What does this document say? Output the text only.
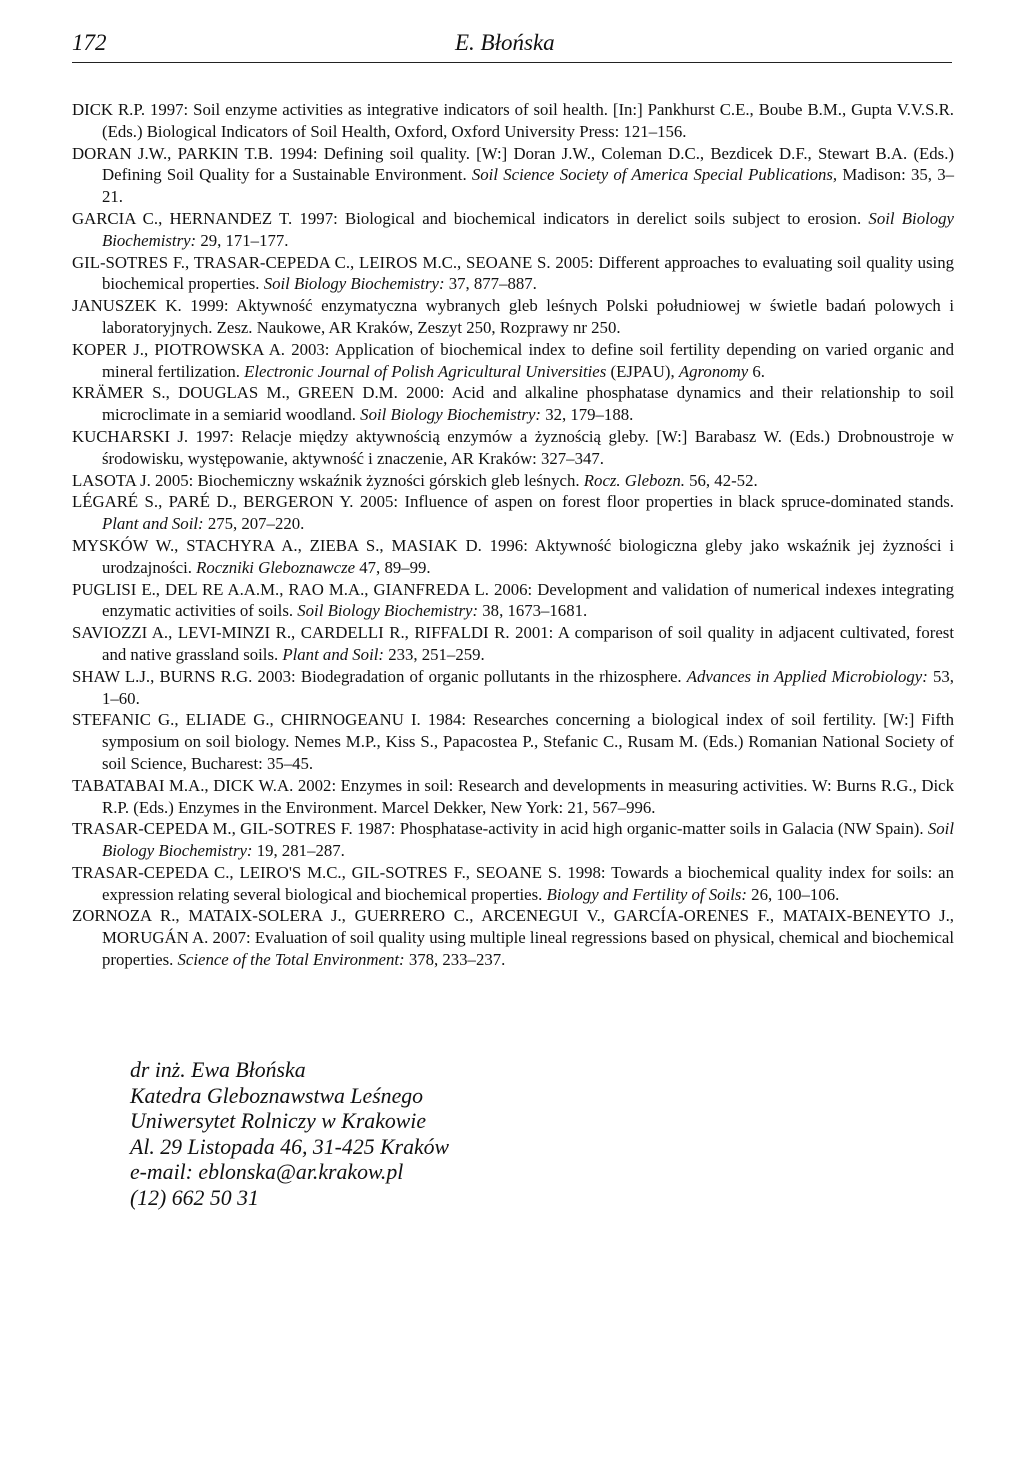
172	E. Błońska

DICK R.P. 1997: Soil enzyme activities as integrative indicators of soil health. [In:] Pankhurst C.E., Boube B.M., Gupta V.V.S.R. (Eds.) Biological Indicators of Soil Health, Oxford, Oxford University Press: 121–156.

DORAN J.W., PARKIN T.B. 1994: Defining soil quality. [W:] Doran J.W., Coleman D.C., Bezdicek D.F., Stewart B.A. (Eds.) Defining Soil Quality for a Sustainable Environment. Soil Science Society of America Special Publications, Madison: 35, 3–21.

GARCIA C., HERNANDEZ T. 1997: Biological and biochemical indicators in derelict soils subject to erosion. Soil Biology Biochemistry: 29, 171–177.

GIL-SOTRES F., TRASAR-CEPEDA C., LEIROS M.C., SEOANE S. 2005: Different approaches to evaluating soil quality using biochemical properties. Soil Biology Biochemistry: 37, 877–887.

JANUSZEK K. 1999: Aktywność enzymatyczna wybranych gleb leśnych Polski południowej w świetle badań polowych i laboratoryjnych. Zesz. Naukowe, AR Kraków, Zeszyt 250, Rozprawy nr 250.

KOPER J., PIOTROWSKA A. 2003: Application of biochemical index to define soil fertility depending on varied organic and mineral fertilization. Electronic Journal of Polish Agricultural Universities (EJPAU), Agronomy 6.

KRÄMER S., DOUGLAS M., GREEN D.M. 2000: Acid and alkaline phosphatase dynamics and their relationship to soil microclimate in a semiarid woodland. Soil Biology Biochemistry: 32, 179–188.

KUCHARSKI J. 1997: Relacje między aktywnością enzymów a żyznością gleby. [W:] Barabasz W. (Eds.) Drobnoustroje w środowisku, występowanie, aktywność i znaczenie, AR Kraków: 327–347.

LASOTA J. 2005: Biochemiczny wskaźnik żyzności górskich gleb leśnych. Rocz. Glebozn. 56, 42-52.

LÉGARÉ S., PARÉ D., BERGERON Y. 2005: Influence of aspen on forest floor properties in black spruce-dominated stands. Plant and Soil: 275, 207–220.

MYSKÓW W., STACHYRA A., ZIEBA S., MASIAK D. 1996: Aktywność biologiczna gleby jako wskaźnik jej żyzności i urodzajności. Roczniki Gleboznawcze 47, 89–99.

PUGLISI E., DEL RE A.A.M., RAO M.A., GIANFREDA L. 2006: Development and validation of numerical indexes integrating enzymatic activities of soils. Soil Biology Biochemistry: 38, 1673–1681.

SAVIOZZI A., LEVI-MINZI R., CARDELLI R., RIFFALDI R. 2001: A comparison of soil quality in adjacent cultivated, forest and native grassland soils. Plant and Soil: 233, 251–259.

SHAW L.J., BURNS R.G. 2003: Biodegradation of organic pollutants in the rhizosphere. Advances in Applied Microbiology: 53, 1–60.

STEFANIC G., ELIADE G., CHIRNOGEANU I. 1984: Researches concerning a biological index of soil fertility. [W:] Fifth symposium on soil biology. Nemes M.P., Kiss S., Papacostea P., Stefanic C., Rusam M. (Eds.) Romanian National Society of soil Science, Bucharest: 35–45.

TABATABAI M.A., DICK W.A. 2002: Enzymes in soil: Research and developments in measuring activities. W: Burns R.G., Dick R.P. (Eds.) Enzymes in the Environment. Marcel Dekker, New York: 21, 567–996.

TRASAR-CEPEDA M., GIL-SOTRES F. 1987: Phosphatase-activity in acid high organic-matter soils in Galacia (NW Spain). Soil Biology Biochemistry: 19, 281–287.

TRASAR-CEPEDA C., LEIRO'S M.C., GIL-SOTRES F., SEOANE S. 1998: Towards a biochemical quality index for soils: an expression relating several biological and biochemical properties. Biology and Fertility of Soils: 26, 100–106.

ZORNOZA R., MATAIX-SOLERA J., GUERRERO C., ARCENEGUI V., GARCÍA-ORENES F., MATAIX-BENEYTO J., MORUGÁN A. 2007: Evaluation of soil quality using multiple lineal regressions based on physical, chemical and biochemical properties. Science of the Total Environment: 378, 233–237.

dr inż. Ewa Błońska
Katedra Gleboznawstwa Leśnego
Uniwersytet Rolniczy w Krakowie
Al. 29 Listopada 46, 31-425 Kraków
e-mail: eblonska@ar.krakow.pl
(12) 662 50 31
